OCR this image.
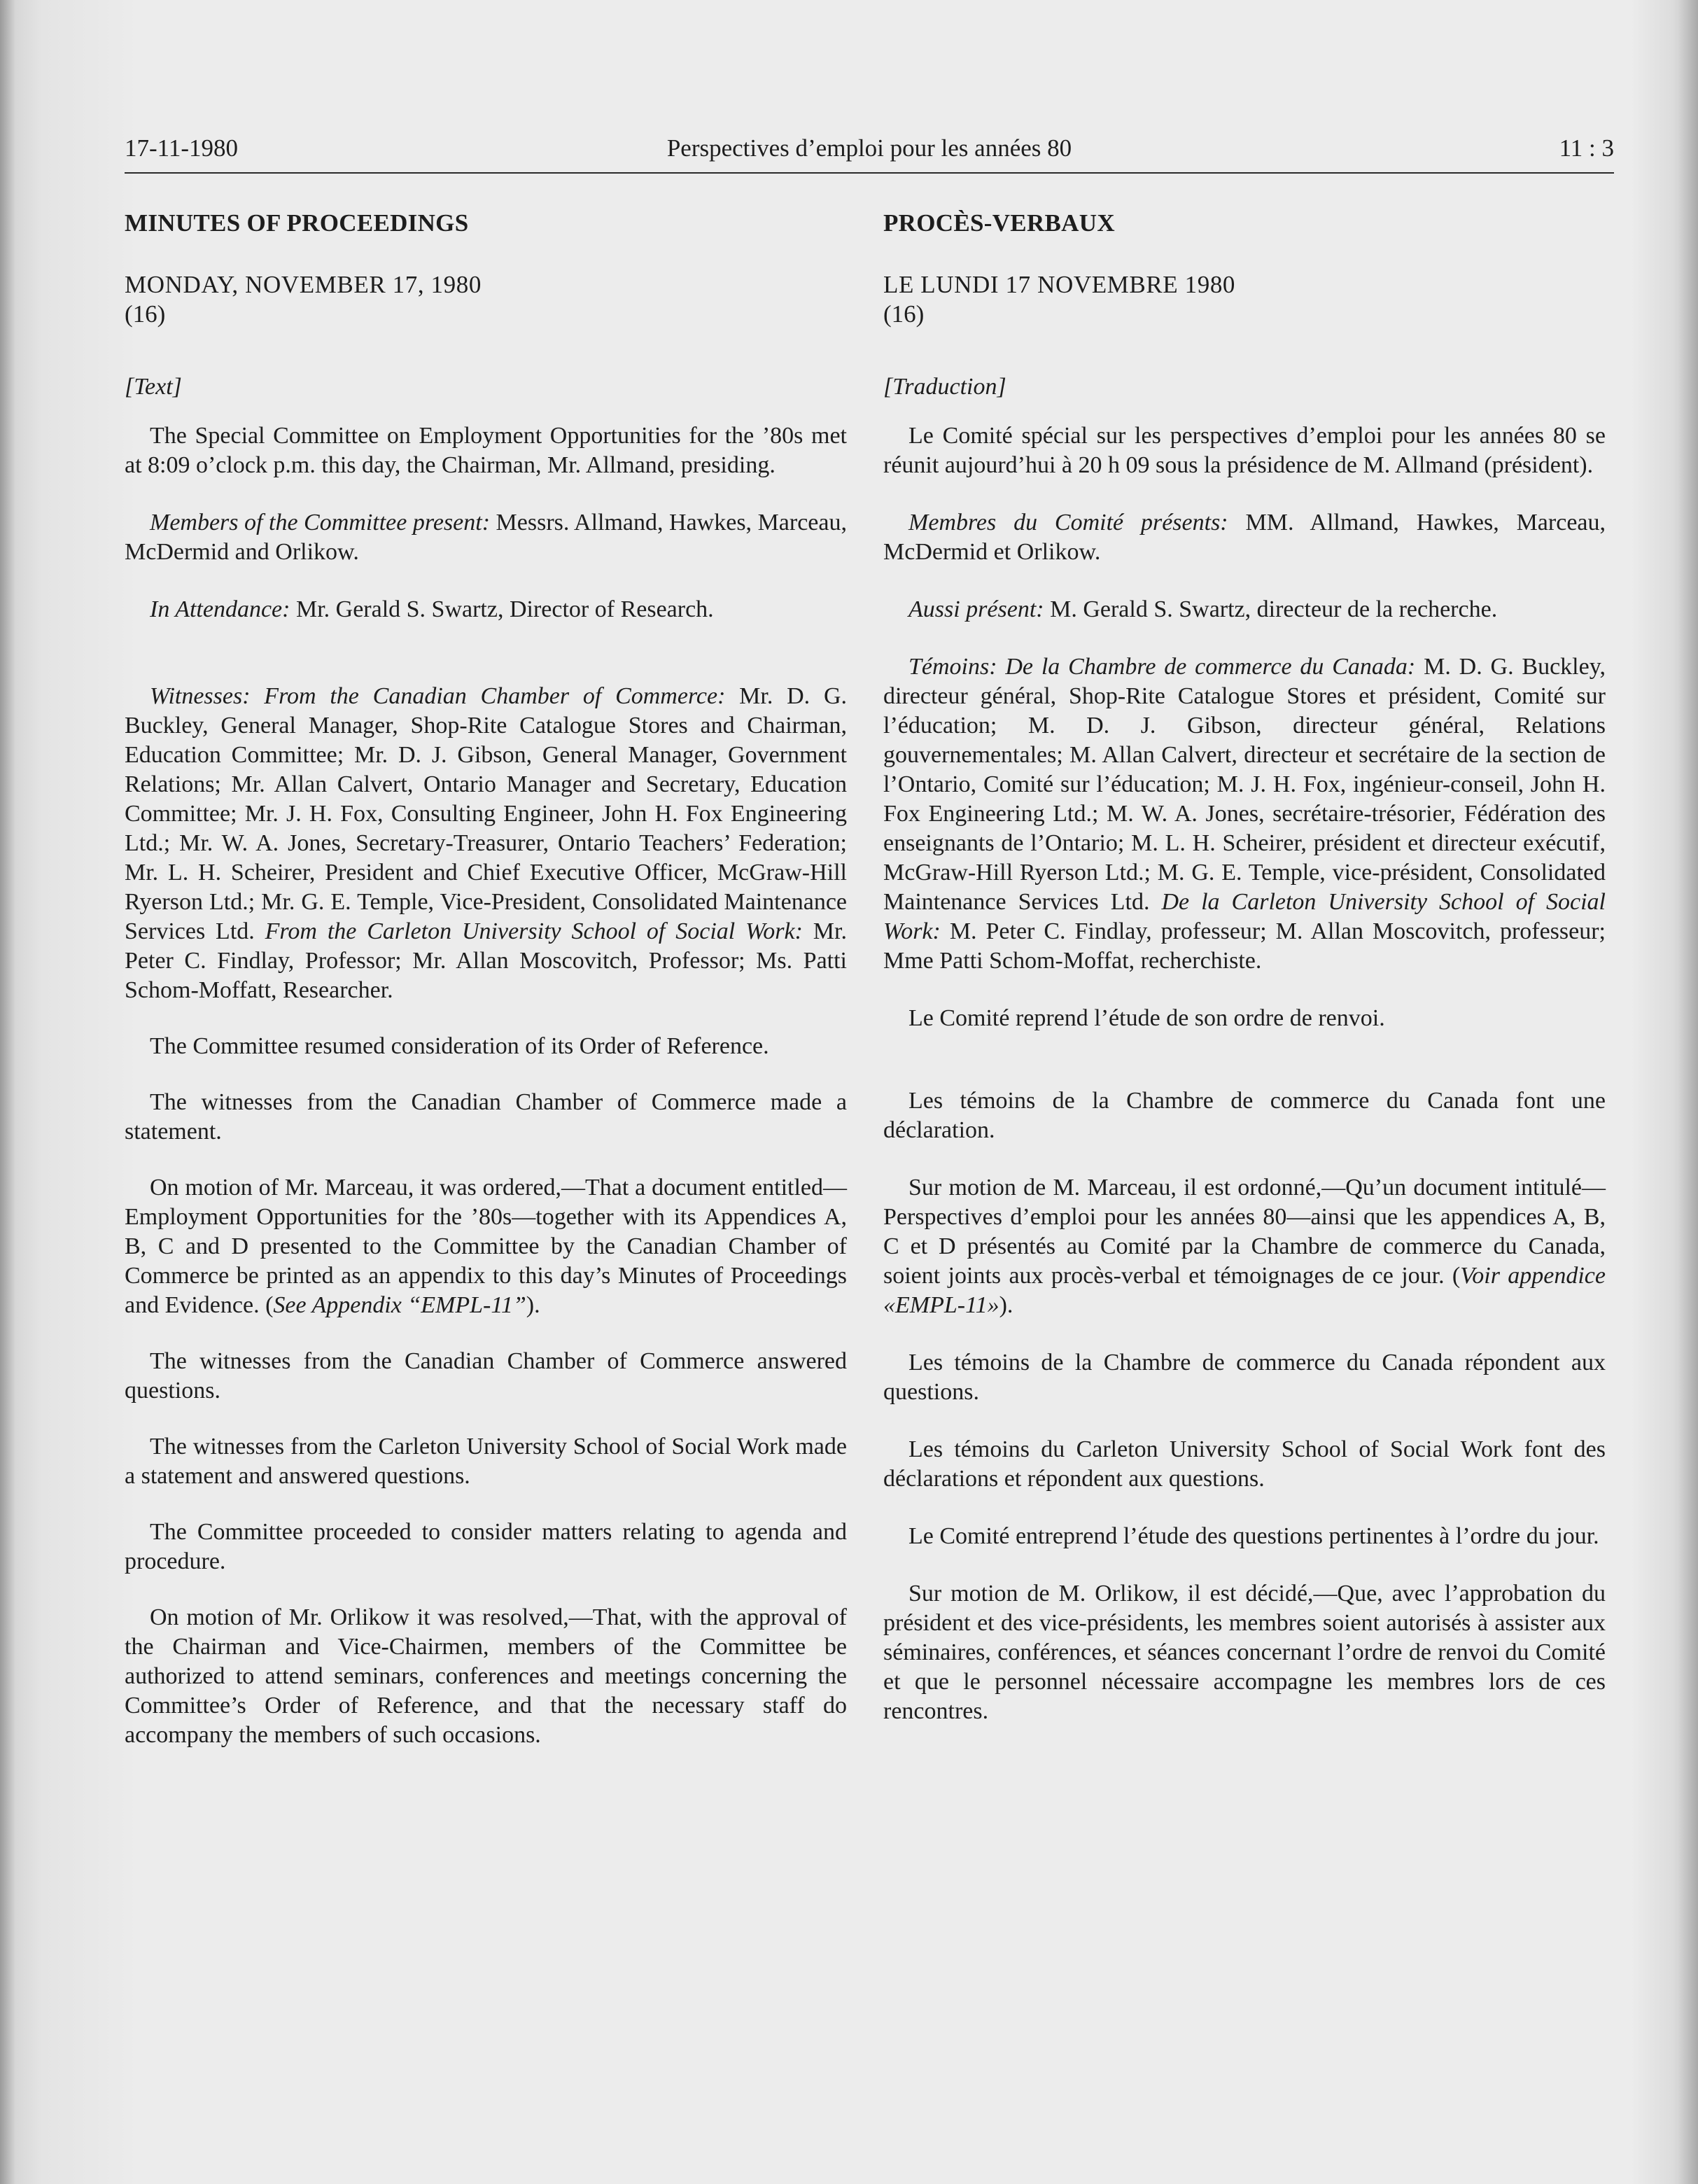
17-11-1980	Perspectives d’emploi pour les années 80	11 : 3
MINUTES OF PROCEEDINGS
MONDAY, NOVEMBER 17, 1980
(16)
[Text]

The Special Committee on Employment Opportunities for the ’80s met at 8:09 o’clock p.m. this day, the Chairman, Mr. Allmand, presiding.

Members of the Committee present: Messrs. Allmand, Hawkes, Marceau, McDermid and Orlikow.

In Attendance: Mr. Gerald S. Swartz, Director of Research.

Witnesses: From the Canadian Chamber of Commerce: Mr. D. G. Buckley, General Manager, Shop-Rite Catalogue Stores and Chairman, Education Committee; Mr. D. J. Gibson, General Manager, Government Relations; Mr. Allan Calvert, Ontario Manager and Secretary, Education Committee; Mr. J. H. Fox, Consulting Engineer, John H. Fox Engineering Ltd.; Mr. W. A. Jones, Secretary-Treasurer, Ontario Teachers’ Federation; Mr. L. H. Scheirer, President and Chief Executive Officer, McGraw-Hill Ryerson Ltd.; Mr. G. E. Temple, Vice-President, Consolidated Maintenance Services Ltd. From the Carleton University School of Social Work: Mr. Peter C. Findlay, Professor; Mr. Allan Moscovitch, Professor; Ms. Patti Schom-Moffatt, Researcher.

The Committee resumed consideration of its Order of Reference.

The witnesses from the Canadian Chamber of Commerce made a statement.

On motion of Mr. Marceau, it was ordered,—That a document entitled—Employment Opportunities for the ’80s—together with its Appendices A, B, C and D presented to the Committee by the Canadian Chamber of Commerce be printed as an appendix to this day’s Minutes of Proceedings and Evidence. (See Appendix “EMPL-11”).

The witnesses from the Canadian Chamber of Commerce answered questions.

The witnesses from the Carleton University School of Social Work made a statement and answered questions.

The Committee proceeded to consider matters relating to agenda and procedure.

On motion of Mr. Orlikow it was resolved,—That, with the approval of the Chairman and Vice-Chairmen, members of the Committee be authorized to attend seminars, conferences and meetings concerning the Committee’s Order of Reference, and that the necessary staff do accompany the members of such occasions.

PROCÈS-VERBAUX
LE LUNDI 17 NOVEMBRE 1980
(16)
[Traduction]

Le Comité spécial sur les perspectives d’emploi pour les années 80 se réunit aujourd’hui à 20 h 09 sous la présidence de M. Allmand (président).

Membres du Comité présents: MM. Allmand, Hawkes, Marceau, McDermid et Orlikow.

Aussi présent: M. Gerald S. Swartz, directeur de la recherche.

Témoins: De la Chambre de commerce du Canada: M. D. G. Buckley, directeur général, Shop-Rite Catalogue Stores et président, Comité sur l’éducation; M. D. J. Gibson, directeur général, Relations gouvernementales; M. Allan Calvert, directeur et secrétaire de la section de l’Ontario, Comité sur l’éducation; M. J. H. Fox, ingénieur-conseil, John H. Fox Engineering Ltd.; M. W. A. Jones, secrétaire-trésorier, Fédération des enseignants de l’Ontario; M. L. H. Scheirer, président et directeur exécutif, McGraw-Hill Ryerson Ltd.; M. G. E. Temple, vice-président, Consolidated Maintenance Services Ltd. De la Carleton University School of Social Work: M. Peter C. Findlay, professeur; M. Allan Moscovitch, professeur; Mme Patti Schom-Moffat, recherchiste.

Le Comité reprend l’étude de son ordre de renvoi.

Les témoins de la Chambre de commerce du Canada font une déclaration.

Sur motion de M. Marceau, il est ordonné,—Qu’un document intitulé—Perspectives d’emploi pour les années 80—ainsi que les appendices A, B, C et D présentés au Comité par la Chambre de commerce du Canada, soient joints aux procès-verbal et témoignages de ce jour. (Voir appendice «EMPL-11»).

Les témoins de la Chambre de commerce du Canada répondent aux questions.

Les témoins du Carleton University School of Social Work font des déclarations et répondent aux questions.

Le Comité entreprend l’étude des questions pertinentes à l’ordre du jour.

Sur motion de M. Orlikow, il est décidé,—Que, avec l’approbation du président et des vice-présidents, les membres soient autorisés à assister aux séminaires, conférences, et séances concernant l’ordre de renvoi du Comité et que le personnel nécessaire accompagne les membres lors de ces rencontres.
